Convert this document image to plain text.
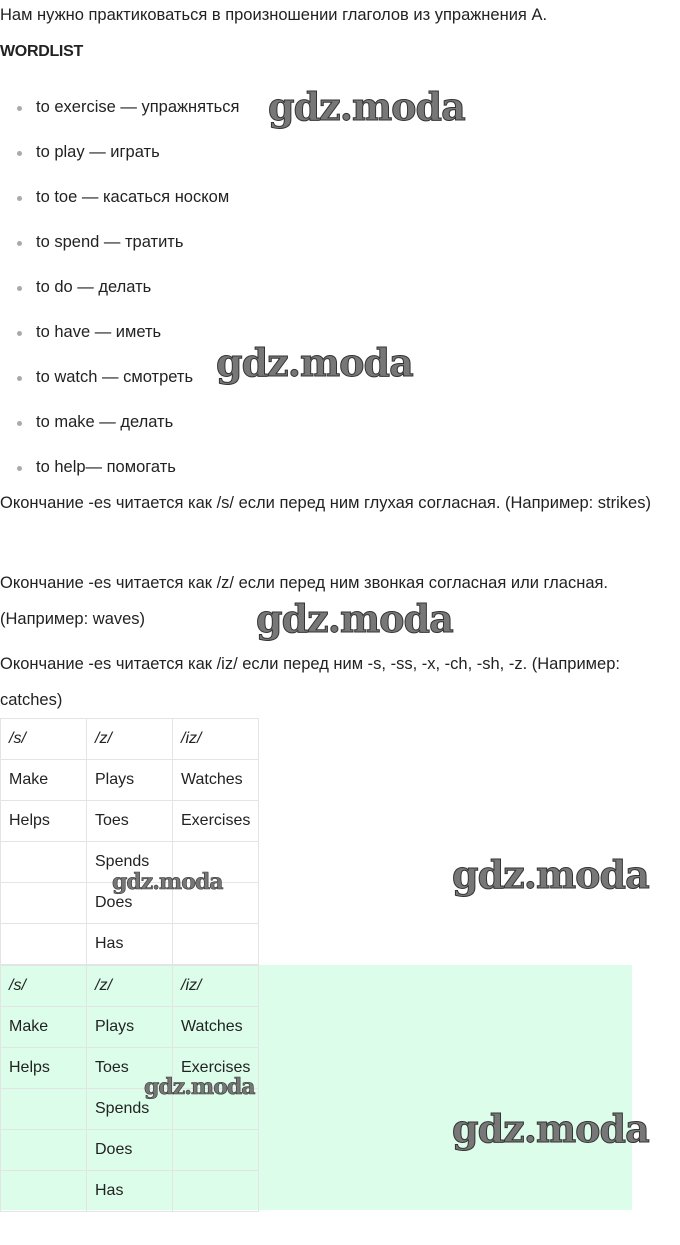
Нам нужно практиковаться в произношении глаголов из упражнения А.
WORDLIST
to exercise — упражняться
to play — играть
to toe — касаться носком
to spend — тратить
to do — делать
to have — иметь
to watch — смотреть
to make — делать
to help— помогать
Окончание -es читается как /s/ если перед ним глухая согласная. (Например: strikes)
Окончание -es читается как /z/ если перед ним звонкая согласная или гласная. (Например: waves)
Окончание -es читается как /iz/ если перед ним -s, -ss, -x, -ch, -sh, -z. (Например: catches)
/s/	/z/	/iz/
Make	Plays	Watches
Helps	Toes	Exercises
	Spends	
	Does	
	Has	
/s/	/z/	/iz/
Make	Plays	Watches
Helps	Toes	Exercises
	Spends	
	Does	
	Has	
gdz.moda
gdz.moda
gdz.moda
gdz.moda
gdz.moda
gdz.moda
gdz.moda
